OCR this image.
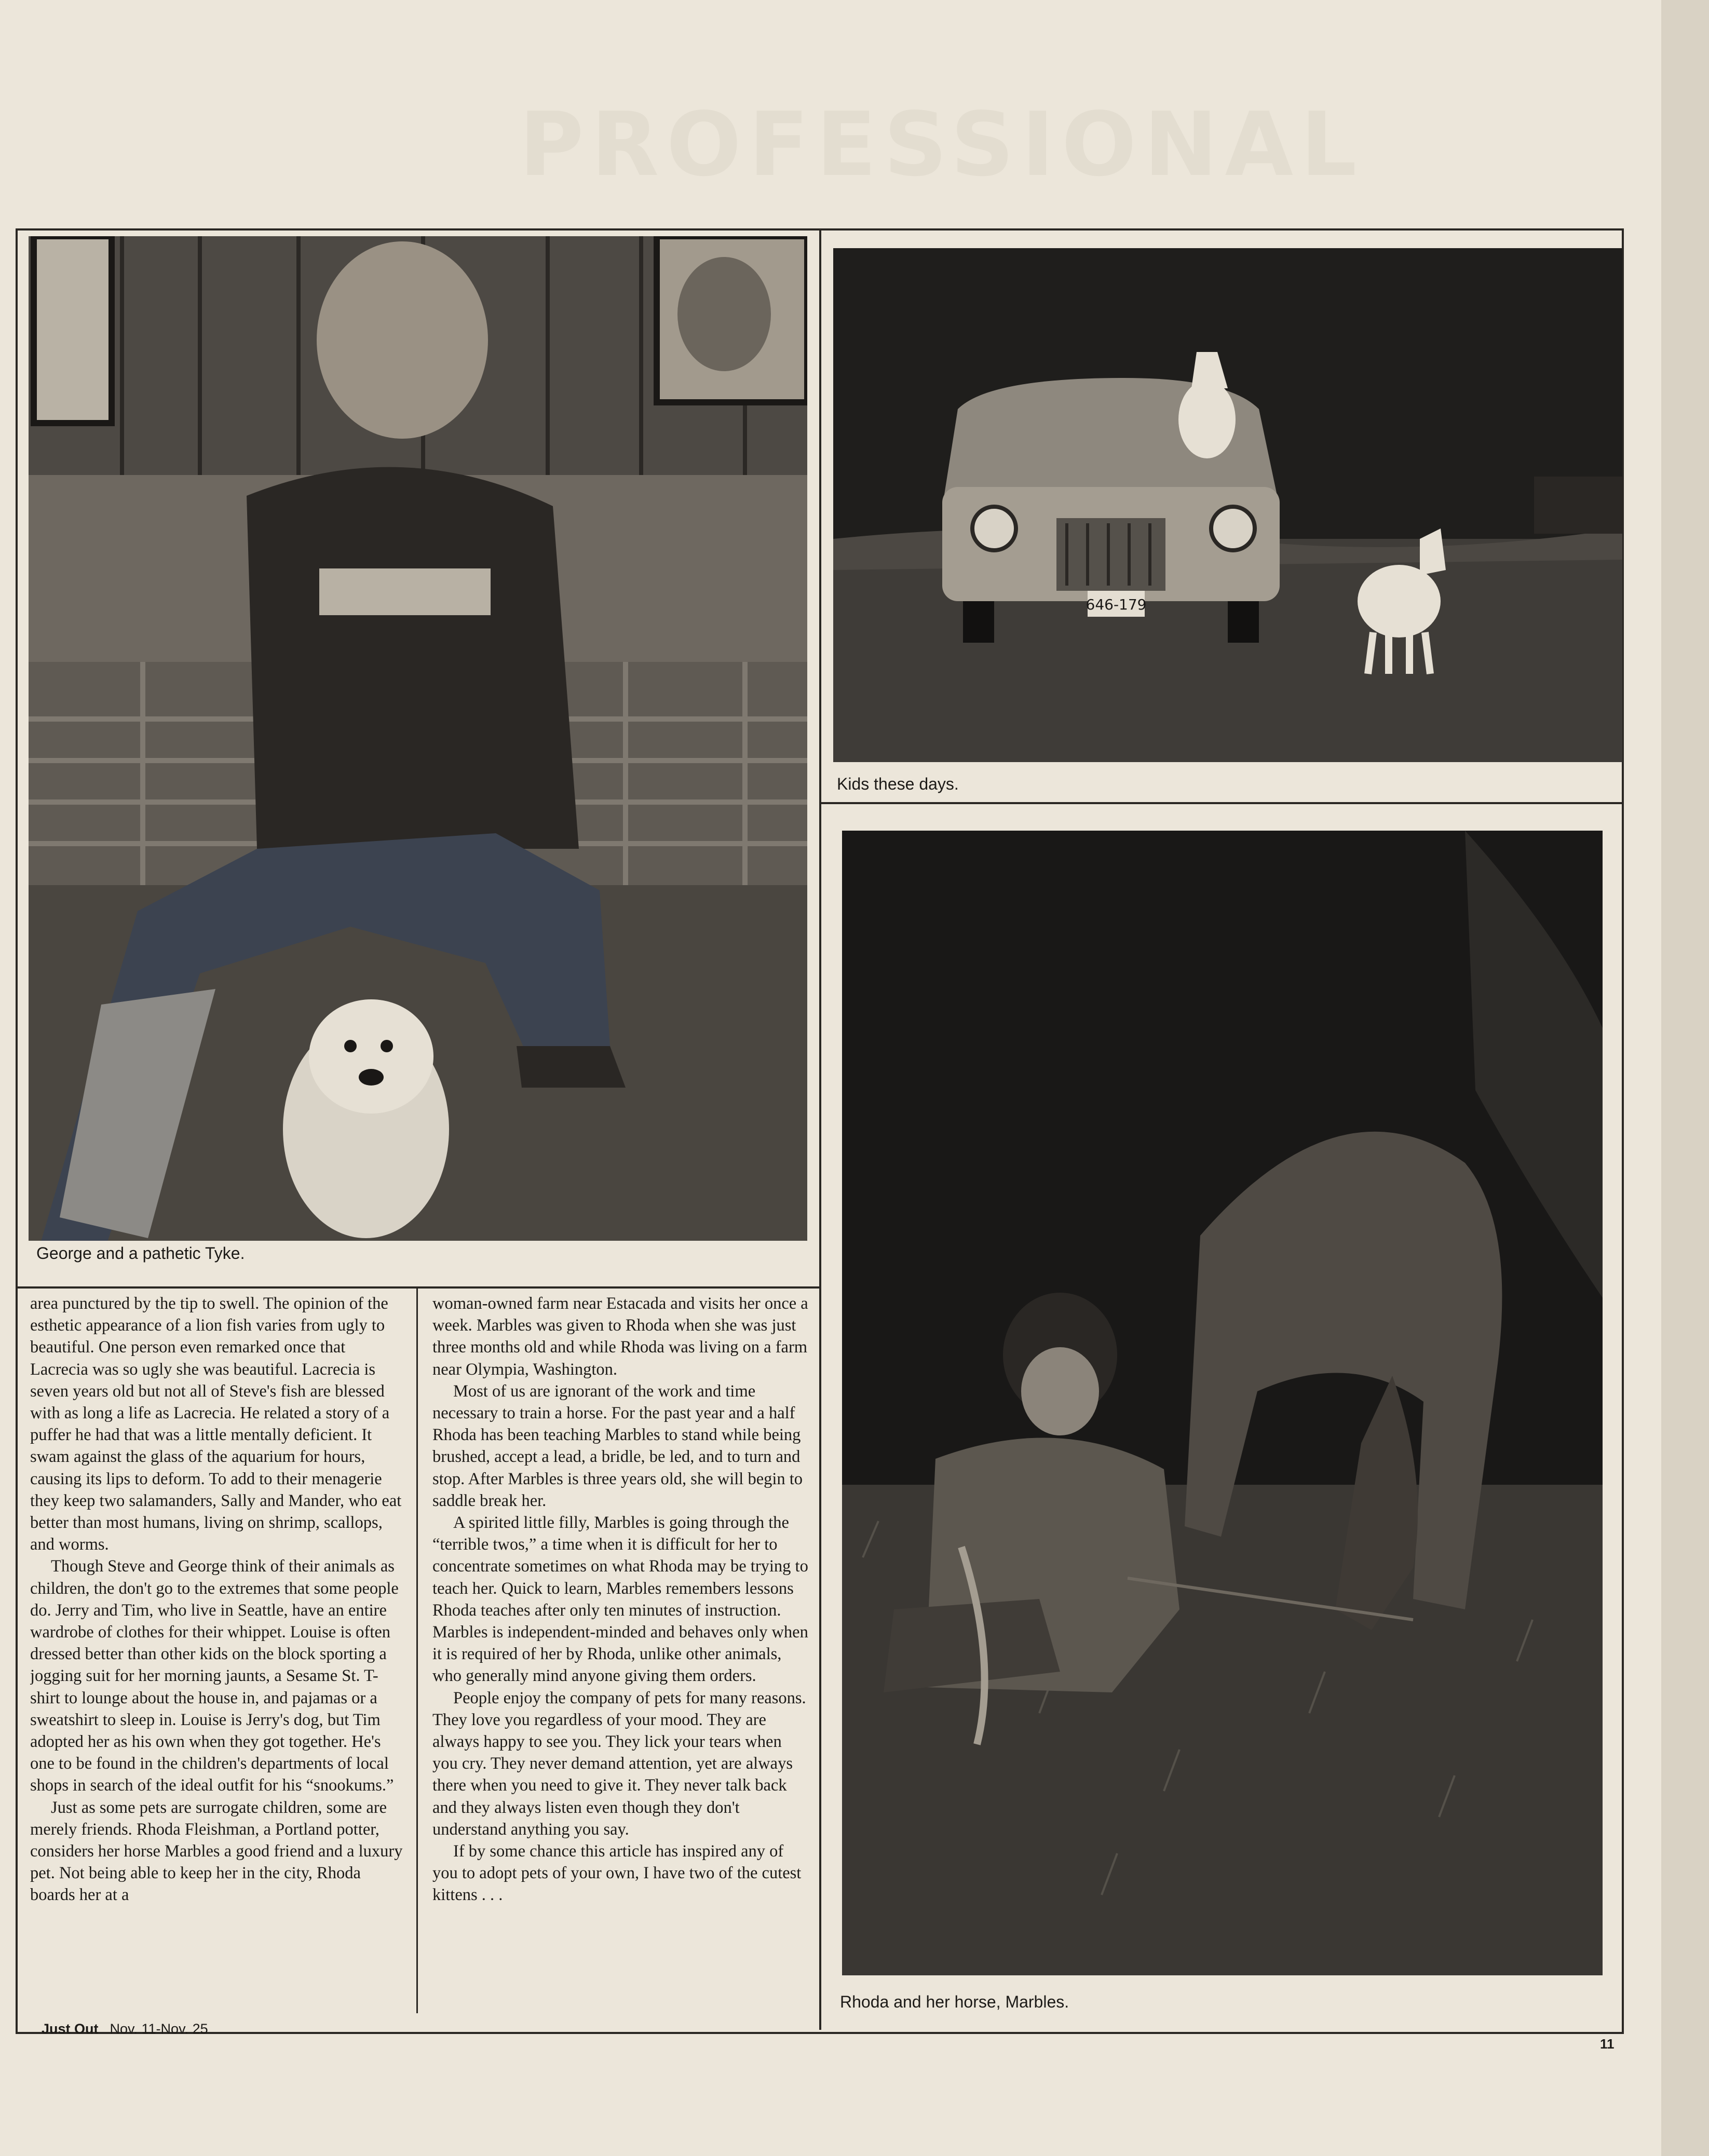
PROFESSIONAL
George and a pathetic Tyke.
646-179
Kids these days.
Rhoda and her horse, Marbles.

area punctured by the tip to swell. The opinion of the esthetic appearance of a lion fish varies from ugly to beautiful. One person even remarked once that Lacrecia was so ugly she was beautiful. Lacrecia is seven years old but not all of Steve's fish are blessed with as long a life as Lacrecia. He related a story of a puffer he had that was a little mentally deficient. It swam against the glass of the aquarium for hours, causing its lips to deform. To add to their menagerie they keep two salamanders, Sally and Mander, who eat better than most humans, living on shrimp, scallops, and worms.

Though Steve and George think of their animals as children, the don't go to the extremes that some people do. Jerry and Tim, who live in Seattle, have an entire wardrobe of clothes for their whippet. Louise is often dressed better than other kids on the block sporting a jogging suit for her morning jaunts, a Sesame St. T-shirt to lounge about the house in, and pajamas or a sweatshirt to sleep in. Louise is Jerry's dog, but Tim adopted her as his own when they got together. He's one to be found in the children's departments of local shops in search of the ideal outfit for his “snookums.”

Just as some pets are surrogate children, some are merely friends. Rhoda Fleishman, a Portland potter, considers her horse Marbles a good friend and a luxury pet. Not being able to keep her in the city, Rhoda boards her at a

woman-owned farm near Estacada and visits her once a week. Marbles was given to Rhoda when she was just three months old and while Rhoda was living on a farm near Olympia, Washington.

Most of us are ignorant of the work and time necessary to train a horse. For the past year and a half Rhoda has been teaching Marbles to stand while being brushed, accept a lead, a bridle, be led, and to turn and stop. After Marbles is three years old, she will begin to saddle break her.

A spirited little filly, Marbles is going through the “terrible twos,” a time when it is difficult for her to concentrate sometimes on what Rhoda may be trying to teach her. Quick to learn, Marbles remembers lessons Rhoda teaches after only ten minutes of instruction. Marbles is independent-minded and behaves only when it is required of her by Rhoda, unlike other animals, who generally mind anyone giving them orders.

People enjoy the company of pets for many reasons. They love you regardless of your mood. They are always happy to see you. They lick your tears when you cry. They never demand attention, yet are always there when you need to give it. They never talk back and they always listen even though they don't understand anything you say.

If by some chance this article has inspired any of you to adopt pets of your own, I have two of the cutest kittens . . .

Just Out Nov. 11-Nov. 25
11
